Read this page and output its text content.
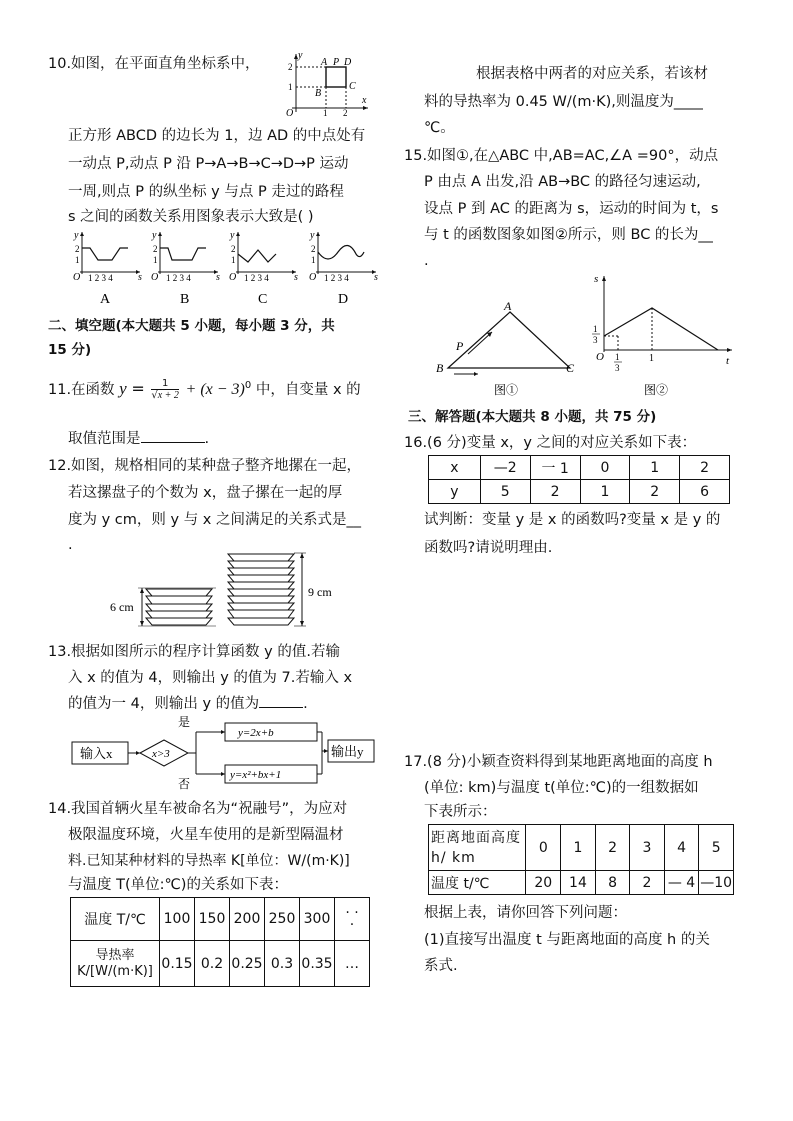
10.如图，在平面直角坐标系中，
y
x
O	1 2
1
2	A P D
B
C
正方形 ABCD 的边长为 1，边 AD 的中点处有
一动点 P,动点 P 沿 P→A→B→C→D→P 运动
一周,则点 P 的纵坐标 y 与点 P 走过的路程
s 之间的函数关系用图象表示大致是( )
y
2
1
O 1 2 3 4	s
A
y
2
1
O 1 2 3 4	s
B
y
2
1
O 1 2 3 4	s
C
y
2
1
O 1 2 3 4	s
D
二、填空题(本大题共 5 小题，每小题 3 分，共
15 分)
11.在函数 $y = \frac{1}{√x + 2} + (x - 3)^0$ 中，自变量 x 的
取值范围是	.
12.如图，规格相同的某种盘子整齐地摞在一起，
若这摞盘子的个数为 x，盘子摞在一起的厚
度为 y cm，则 y 与 x 之间满足的关系式是__
.
6 cm
9 cm
13.根据如图所示的程序计算函数 y 的值.若输
入 x 的值为 4，则输出 y 的值为 7.若输入 x
的值为一 4，则输出 y 的值为	.
输入x	x>3
是
否
y=2x+b
y=x²+bx+1
输出y
14.我国首辆火星车被命名为“祝融号”，为应对
极限温度环境，火星车使用的是新型隔温材
料.已知某种材料的导热率 K[单位：W/(m·K)]
与温度 T(单位:℃)的关系如下表：
温度 T/℃	100	150	200	250	300	· ·
·
导热率 K/[W/(m·K)]	0.15	0.2	0.25	0.3	0.35	…
根据表格中两者的对应关系，若该材
料的导热率为 0.45 W/(m·K),则温度为____
℃。
15.如图①,在△ABC 中,AB=AC,∠A =90°，动点
P 由点 A 出发,沿 AB→BC 的路径匀速运动,
设点 P 到 AC 的距离为 s，运动的时间为 t，s
与 t 的函数图象如图②所示，则 BC 的长为__
.
A
B	C
P
图①
s
t
O
1
3
1
3
1
图②
三、解答题(本大题共 8 小题，共 75 分)
16.(6 分)变量 x，y 之间的对应关系如下表：
x	—2	一 1	0	1	2
y	5	2	1	2	6
试判断：变量 y 是 x 的函数吗?变量 x 是 y 的
函数吗?请说明理由.
17.(8 分)小颖查资料得到某地距离地面的高度 h
(单位: km)与温度 t(单位:℃)的一组数据如
下表所示：
距离地面高度 h/ km	0	1	2	3	4	5
温度 t/℃	20	14	8	2	— 4	—10
根据上表，请你回答下列问题：
(1)直接写出温度 t 与距离地面的高度 h 的关
系式.
